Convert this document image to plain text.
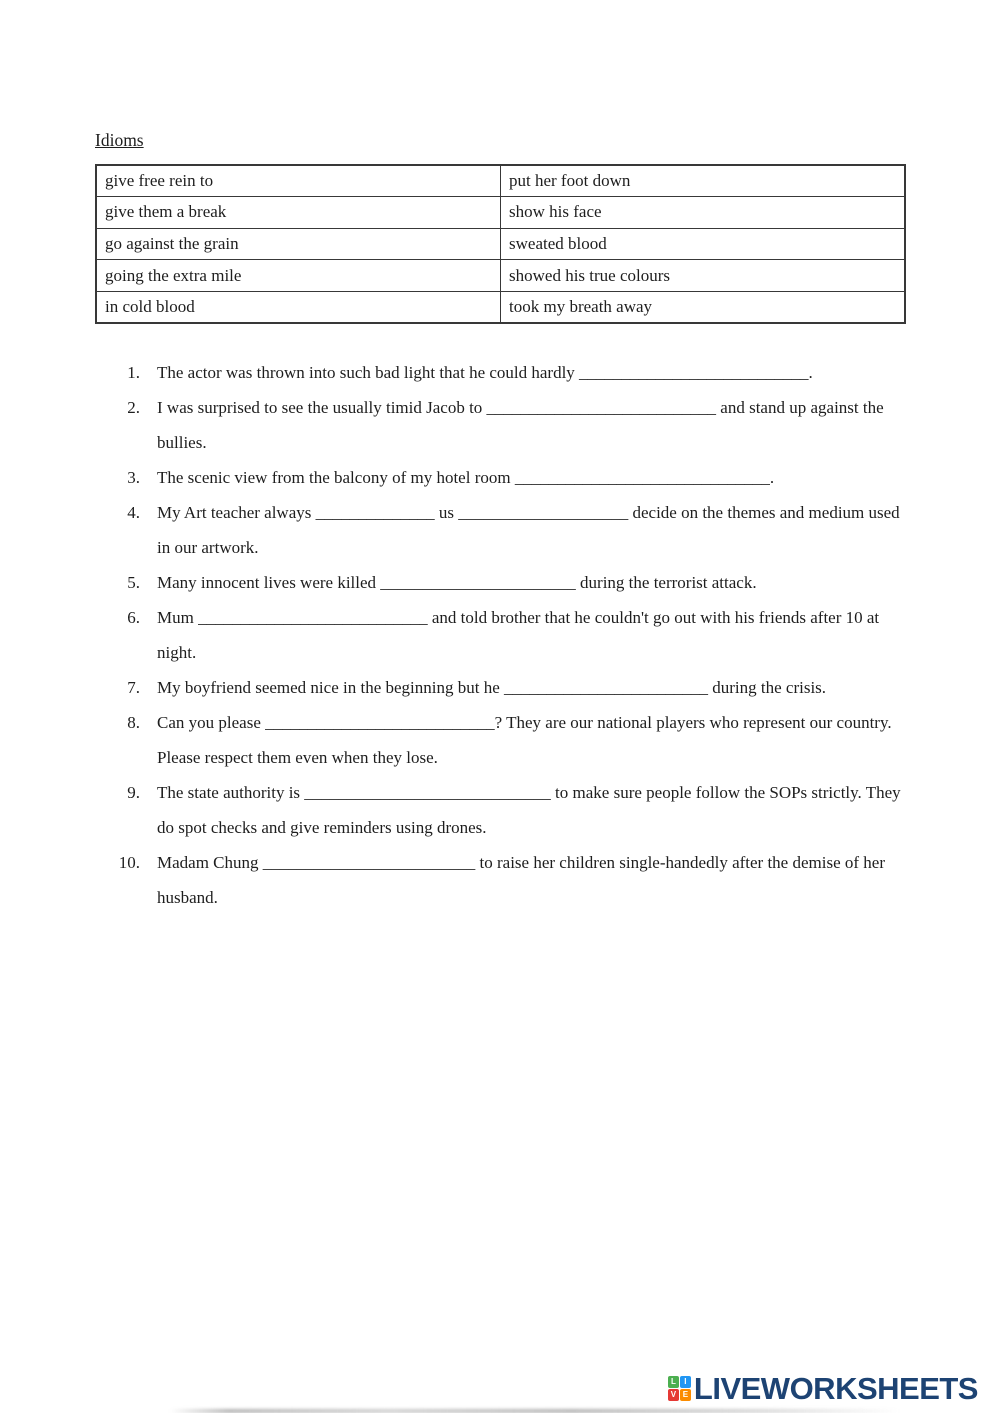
Idioms
give free rein to	put her foot down
give them a break	show his face
go against the grain	sweated blood
going the extra mile	showed his true colours
in cold blood	took my breath away
1. The actor was thrown into such bad light that he could hardly ___________________________.
2. I was surprised to see the usually timid Jacob to ___________________________ and stand up against the bullies.
3. The scenic view from the balcony of my hotel room ______________________________.
4. My Art teacher always ______________ us ____________________ decide on the themes and medium used in our artwork.
5. Many innocent lives were killed _______________________ during the terrorist attack.
6. Mum ___________________________ and told brother that he couldn't go out with his friends after 10 at night.
7. My boyfriend seemed nice in the beginning but he ________________________ during the crisis.
8. Can you please ___________________________? They are our national players who represent our country. Please respect them even when they lose.
9. The state authority is _____________________________ to make sure people follow the SOPs strictly. They do spot checks and give reminders using drones.
10. Madam Chung _________________________ to raise her children single-handedly after the demise of her husband.
L	I
V E LIVEWORKSHEETS
